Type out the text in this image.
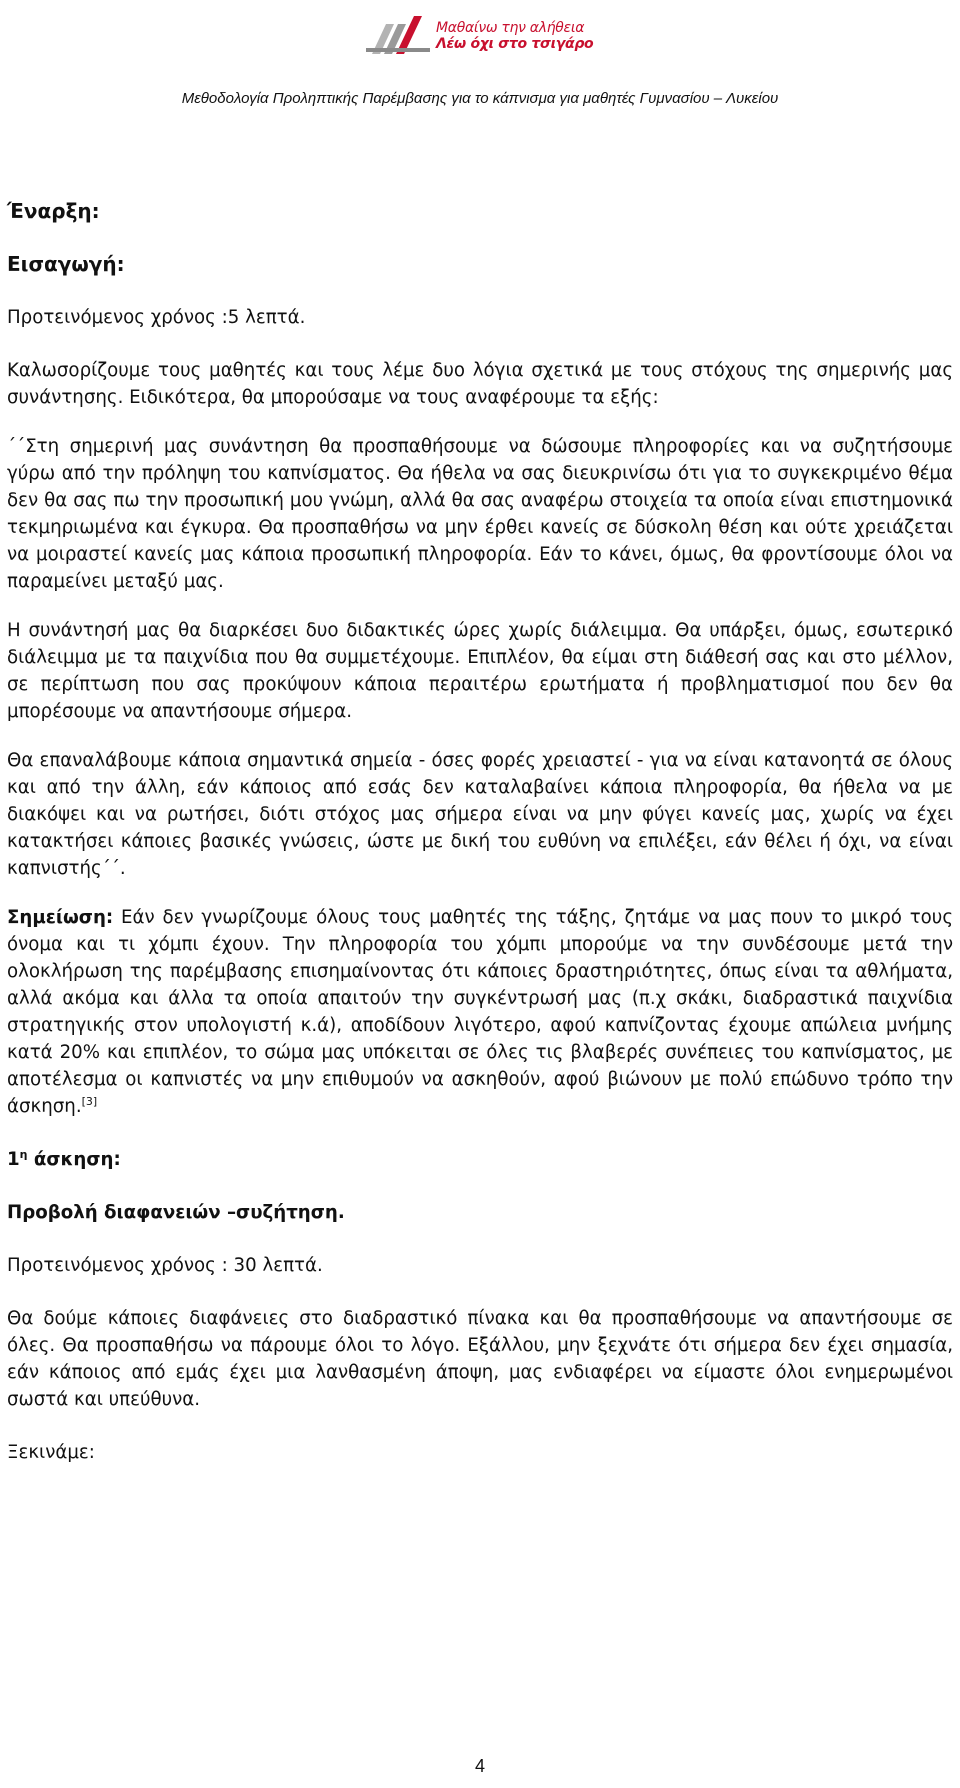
Μαθαίνω την αλήθεια
Λέω όχι στο τσιγάρο
Μεθοδολογία Προληπτικής Παρέμβασης για το κάπνισμα για μαθητές Γυμνασίου – Λυκείου

Έναρξη:

Εισαγωγή:

Προτεινόμενος χρόνος :5 λεπτά.

Καλωσορίζουμε τους μαθητές και τους λέμε δυο λόγια σχετικά με τους στόχους της σημερινής μας συνάντησης. Ειδικότερα, θα μπορούσαμε να τους αναφέρουμε τα εξής:

΄΄Στη σημερινή μας συνάντηση θα προσπαθήσουμε να δώσουμε πληροφορίες και να συζητήσουμε γύρω από την πρόληψη του καπνίσματος. Θα ήθελα να σας διευκρινίσω ότι για το συγκεκριμένο θέμα δεν θα σας πω την προσωπική μου γνώμη, αλλά θα σας αναφέρω στοιχεία τα οποία είναι επιστημονικά τεκμηριωμένα και έγκυρα. Θα προσπαθήσω να μην έρθει κανείς σε δύσκολη θέση και ούτε χρειάζεται να μοιραστεί κανείς μας κάποια προσωπική πληροφορία. Εάν το κάνει, όμως, θα φροντίσουμε όλοι να παραμείνει μεταξύ μας.

Η συνάντησή μας θα διαρκέσει δυο διδακτικές ώρες χωρίς διάλειμμα. Θα υπάρξει, όμως, εσωτερικό διάλειμμα με τα παιχνίδια που θα συμμετέχουμε. Επιπλέον, θα είμαι στη διάθεσή σας και στο μέλλον, σε περίπτωση που σας προκύψουν κάποια περαιτέρω ερωτήματα ή προβληματισμοί που δεν θα μπορέσουμε να απαντήσουμε σήμερα.

Θα επαναλάβουμε κάποια σημαντικά σημεία - όσες φορές χρειαστεί - για να είναι κατανοητά σε όλους και από την άλλη, εάν κάποιος από εσάς δεν καταλαβαίνει κάποια πληροφορία, θα ήθελα να με διακόψει και να ρωτήσει, διότι στόχος μας σήμερα είναι να μην φύγει κανείς μας, χωρίς να έχει κατακτήσει κάποιες βασικές γνώσεις, ώστε με δική του ευθύνη να επιλέξει, εάν θέλει ή όχι, να είναι καπνιστής΄΄.

Σημείωση: Εάν δεν γνωρίζουμε όλους τους μαθητές της τάξης, ζητάμε να μας πουν το μικρό τους όνομα και τι χόμπι έχουν. Την πληροφορία του χόμπι μπορούμε να την συνδέσουμε μετά την ολοκλήρωση της παρέμβασης επισημαίνοντας ότι κάποιες δραστηριότητες, όπως είναι τα αθλήματα, αλλά ακόμα και άλλα τα οποία απαιτούν την συγκέντρωσή μας (π.χ σκάκι, διαδραστικά παιχνίδια στρατηγικής στον υπολογιστή κ.ά), αποδίδουν λιγότερο, αφού καπνίζοντας έχουμε απώλεια μνήμης κατά 20% και επιπλέον, το σώμα μας υπόκειται σε όλες τις βλαβερές συνέπειες του καπνίσματος, με αποτέλεσμα οι καπνιστές να μην επιθυμούν να ασκηθούν, αφού βιώνουν με πολύ επώδυνο τρόπο την άσκηση.[3]

$1^\eta$ άσκηση:

Προβολή διαφανειών –συζήτηση.

Προτεινόμενος χρόνος : 30 λεπτά.

Θα δούμε κάποιες διαφάνειες στο διαδραστικό πίνακα και θα προσπαθήσουμε να απαντήσουμε σε όλες. Θα προσπαθήσω να πάρουμε όλοι το λόγο. Εξάλλου, μην ξεχνάτε ότι σήμερα δεν έχει σημασία, εάν κάποιος από εμάς έχει μια λανθασμένη άποψη, μας ενδιαφέρει να είμαστε όλοι ενημερωμένοι σωστά και υπεύθυνα.

Ξεκινάμε:

4
